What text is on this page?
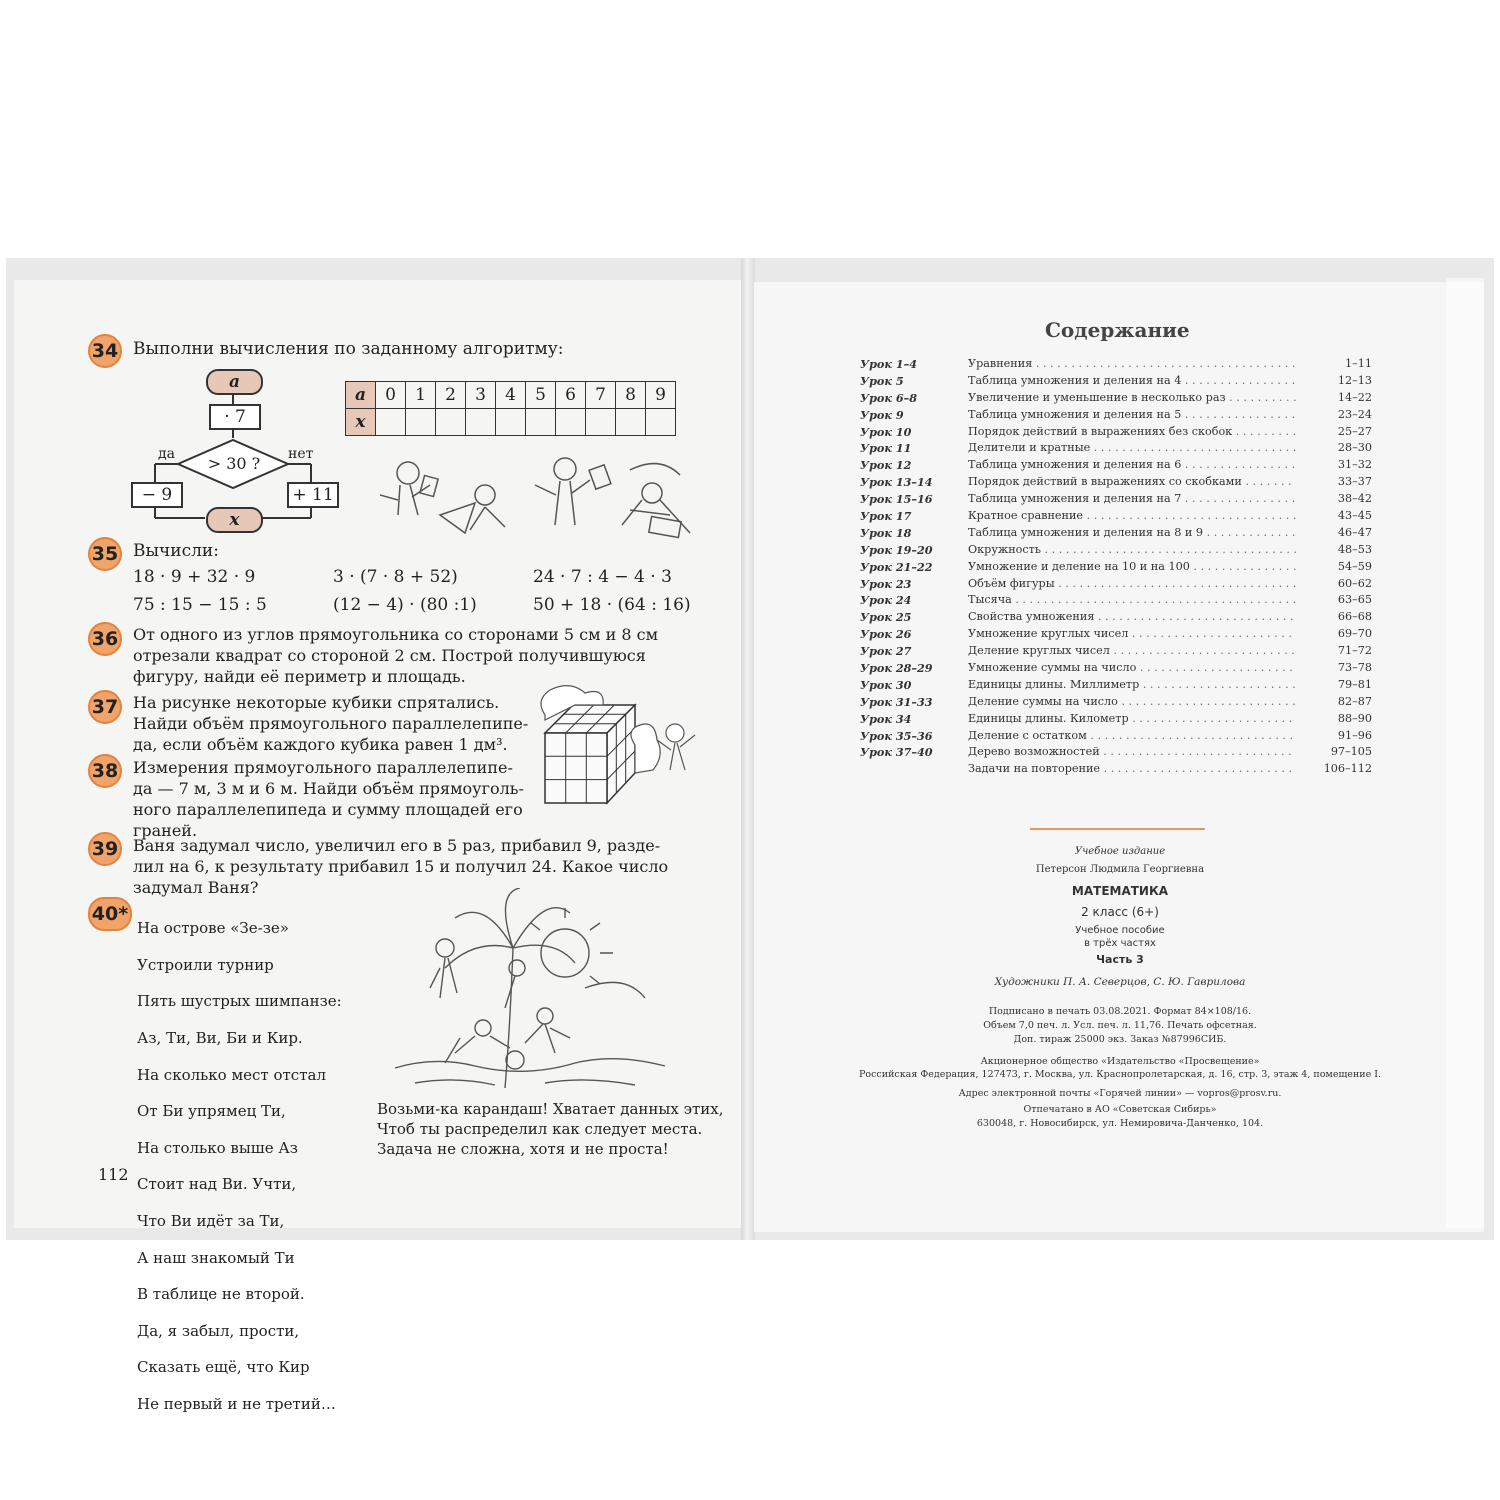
34 Выполни вычисления по заданному алгоритму:
a
· 7
> 30 ?
да	нет
− 9	+ 11
x
a	0	1	2	3	4	5	6	7	8	9
x										
35 Вычисли:
18 · 9 + 32 · 9	3 · (7 · 8 + 52)	24 · 7 : 4 − 4 · 3
75 : 15 − 15 : 5	(12 − 4) · (80 :1)	50 + 18 · (64 : 16)
36 От одного из углов прямоугольника со сторонами 5 см и 8 см
отрезали квадрат со стороной 2 см. Построй получившуюся
фигуру, найди её периметр и площадь.
37 На рисунке некоторые кубики спрятались.
Найди объём прямоугольного параллелепипе-
да, если объём каждого кубика равен 1 дм³.
38 Измерения прямоугольного параллелепипе-
да — 7 м, 3 м и 6 м. Найди объём прямоуголь-
ного параллелепипеда и сумму площадей его
граней.
39 Ваня задумал число, увеличил его в 5 раз, прибавил 9, разде-
лил на 6, к результату прибавил 15 и получил 24. Какое число
задумал Ваня?
40*

На острове «Зе-зе»

Устроили турнир

Пять шустрых шимпанзе:

Аз, Ти, Ви, Би и Кир.

На сколько мест отстал

От Би упрямец Ти,

На столько выше Аз

Стоит над Ви. Учти,

Что Ви идёт за Ти,

А наш знакомый Ти

В таблице не второй.

Да, я забыл, прости,

Сказать ещё, что Кир

Не первый и не третий…

Возьми-ка карандаш! Хватает данных этих,
Чтоб ты распределил как следует места.
Задача не сложна, хотя и не проста!
112
Содержание
Урок 1–4	Уравнения . . .	1–11
Урок 5	Таблица умножения и деления на 4 . . .	12–13
Урок 6–8	Увеличение и уменьшение в несколько раз . . .	14–22
Урок 9	Таблица умножения и деления на 5 . . .	23–24
Урок 10	Порядок действий в выражениях без скобок . . .	25–27
Урок 11	Делители и кратные . . .	28–30
Урок 12	Таблица умножения и деления на 6 . . .	31–32
Урок 13–14	Порядок действий в выражениях со скобками . . .	33–37
Урок 15–16	Таблица умножения и деления на 7 . . .	38–42
Урок 17	Кратное сравнение . . .	43–45
Урок 18	Таблица умножения и деления на 8 и 9 . . .	46–47
Урок 19–20	Окружность . . .	48–53
Урок 21–22	Умножение и деление на 10 и на 100 . . .	54–59
Урок 23	Объём фигуры . . .	60–62
Урок 24	Тысяча . . .	63–65
Урок 25	Свойства умножения . . .	66–68
Урок 26	Умножение круглых чисел . . .	69–70
Урок 27	Деление круглых чисел . . .	71–72
Урок 28–29	Умножение суммы на число . . .	73–78
Урок 30	Единицы длины. Миллиметр . . .	79–81
Урок 31–33	Деление суммы на число . . .	82–87
Урок 34	Единицы длины. Километр . . .	88–90
Урок 35–36	Деление с остатком . . .	91–96
Урок 37–40	Дерево возможностей . . .	97–105
Задачи на повторение . . .	106–112
Учебное издание
Петерсон Людмила Георгиевна
МАТЕМАТИКА
2 класс (6+)
Учебное пособие
в трёх частях
Часть 3
Художники П. А. Северцов, С. Ю. Гаврилова
Подписано в печать 03.08.2021. Формат 84×108/16.
Объем 7,0 печ. л. Усл. печ. л. 11,76. Печать офсетная.
Доп. тираж 25000 экз. Заказ №87996СИБ.
Акционерное общество «Издательство «Просвещение»
Российская Федерация, 127473, г. Москва, ул. Краснопролетарская, д. 16, стр. 3, этаж 4, помещение I.
Адрес электронной почты «Горячей линии» — vopros@prosv.ru.
Отпечатано в АО «Советская Сибирь»
630048, г. Новосибирск, ул. Немировича-Данченко, 104.
